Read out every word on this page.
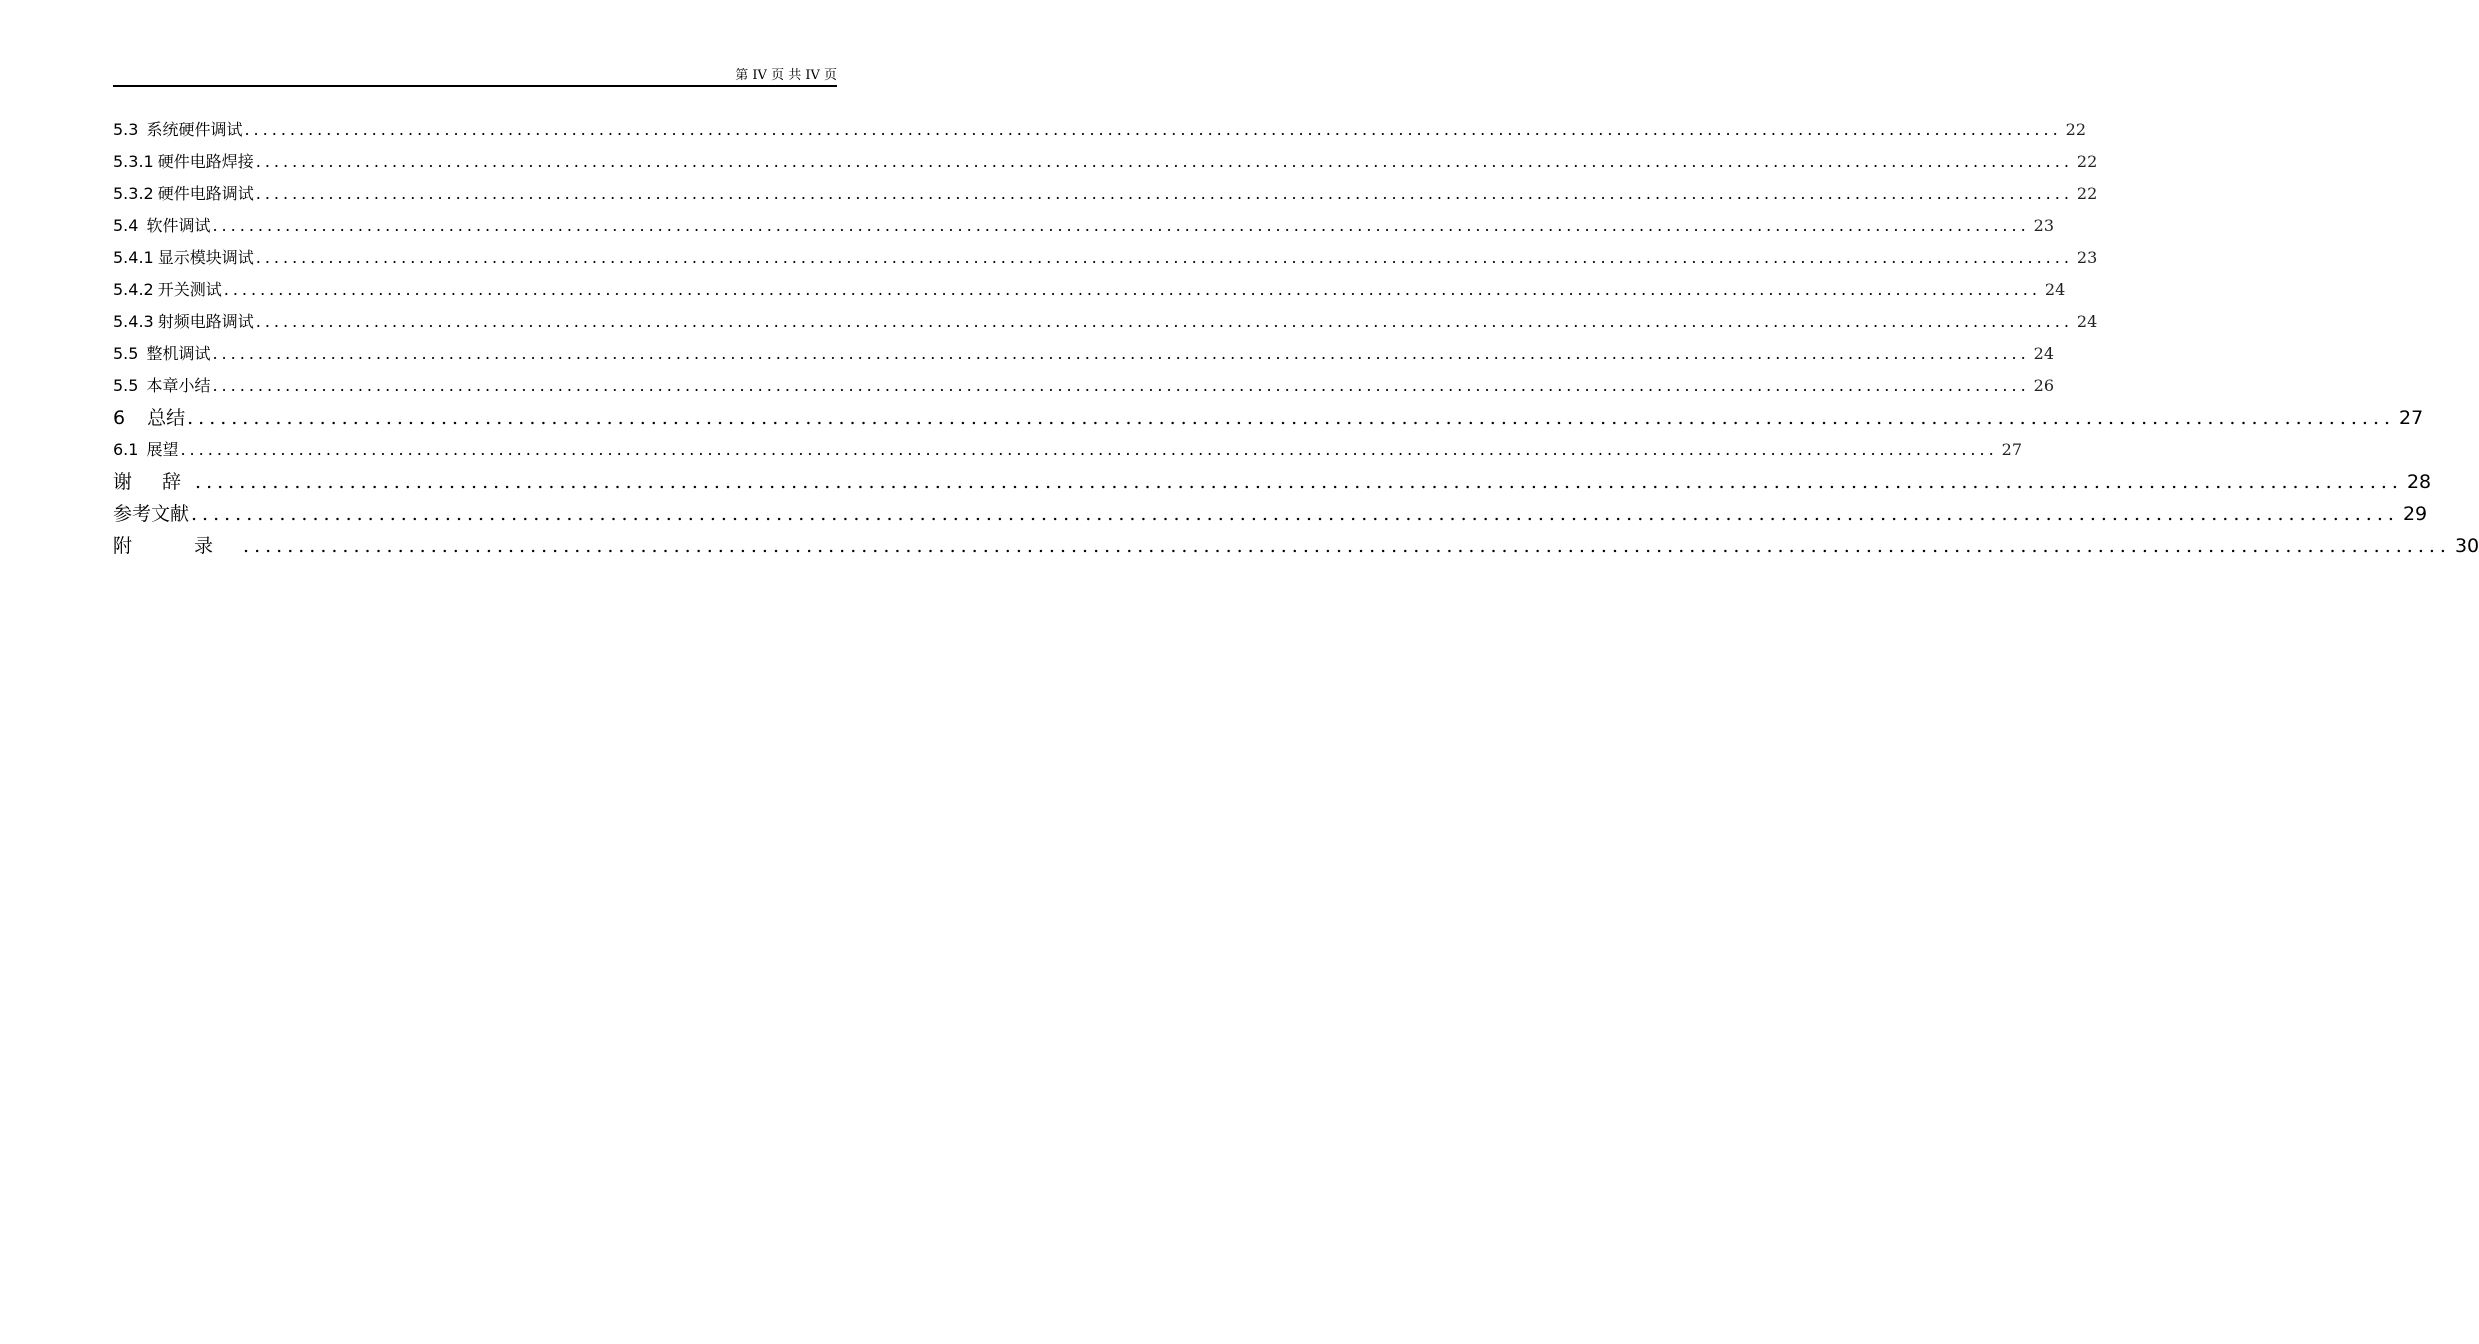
第 IV 页 共 IV 页
5.3 系统硬件调试 ........................................................................................................................................................................................................ 22
5.3.1 硬件电路焊接 ........................................................................................................................................................................................................ 22
5.3.2 硬件电路调试 ........................................................................................................................................................................................................ 22
5.4 软件调试 ........................................................................................................................................................................................................ 23
5.4.1 显示模块调试 ........................................................................................................................................................................................................ 23
5.4.2 开关测试 ........................................................................................................................................................................................................ 24
5.4.3 射频电路调试 ........................................................................................................................................................................................................ 24
5.5 整机调试 ........................................................................................................................................................................................................ 24
5.5 本章小结 ........................................................................................................................................................................................................ 26
6 总结 ........................................................................................................................................................................................................ 27
6.1 展望 ........................................................................................................................................................................................................ 27
谢 辞 ........................................................................................................................................................................................................ 28
参考文献 ........................................................................................................................................................................................................ 29
附 录 ........................................................................................................................................................................................................ 30
